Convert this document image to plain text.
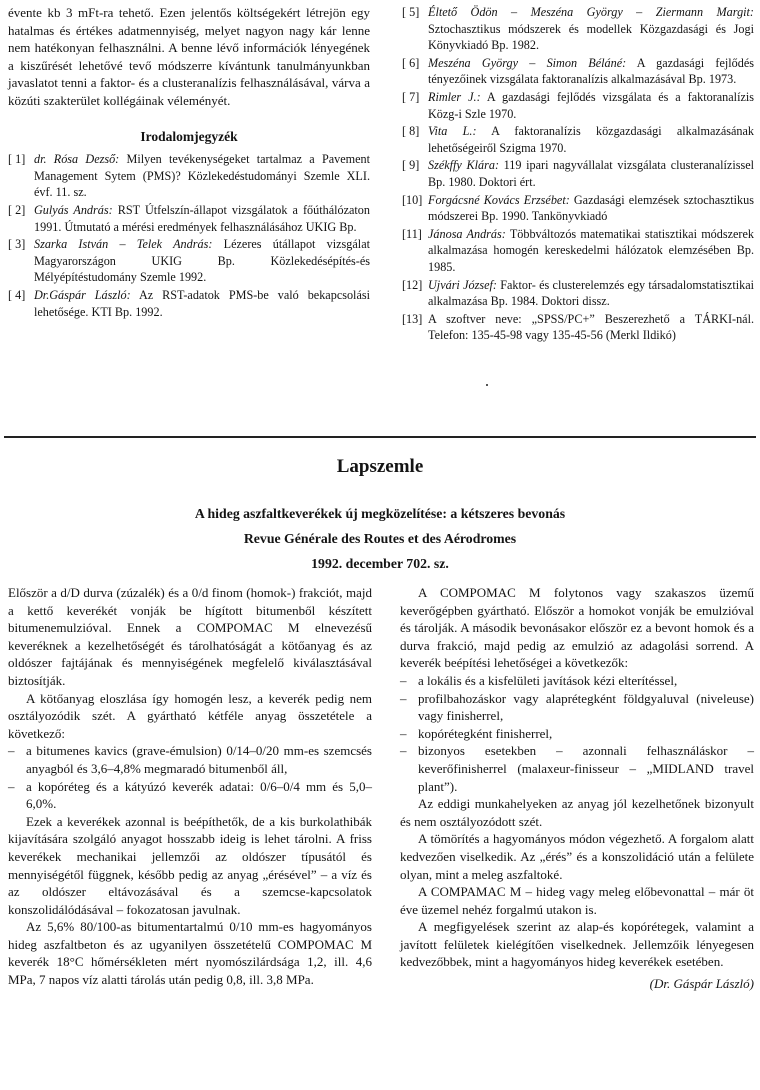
évente kb 3 mFt-ra tehető. Ezen jelentős költségekért létrejön egy hatalmas és értékes adatmennyiség, melyet nagyon nagy kár lenne nem hatékonyan felhasználni. A benne lévő információk lényegének a kiszűrését lehetővé tevő módszerre kívántunk tanulmányunkban javaslatot tenni a faktor- és a clusteranalízis felhasználásával, várva a közúti szakterület kollégáinak véleményét.

Irodalomjegyzék
[ 1] dr. Rósa Dezső: Milyen tevékenységeket tartalmaz a Pavement Management Sytem (PMS)? Közlekedéstudományi Szemle XLI. évf. 11. sz.
[ 2] Gulyás András: RST Útfelszín-állapot vizsgálatok a főúthálózaton 1991. Útmutató a mérési eredmények felhasználásához UKIG Bp.
[ 3] Szarka István – Telek András: Lézeres útállapot vizsgálat Magyarországon UKIG Bp. Közlekedésépítés-és Mélyépítéstudomány Szemle 1992.
[ 4] Dr.Gáspár László: Az RST-adatok PMS-be való bekapcsolási lehetősége. KTI Bp. 1992.
[ 5] Éltető Ödön – Meszéna György – Ziermann Margit: Sztochasztikus módszerek és modellek Közgazdasági és Jogi Könyvkiadó Bp. 1982.
[ 6] Meszéna György – Simon Béláné: A gazdasági fejlődés tényezőinek vizsgálata faktoranalízis alkalmazásával Bp. 1973.
[ 7] Rimler J.: A gazdasági fejlődés vizsgálata és a faktoranalízis Közg-i Szle 1970.
[ 8] Vita L.: A faktoranalízis közgazdasági alkalmazásának lehetőségeiről Szigma 1970.
[ 9] Székffy Klára: 119 ipari nagyvállalat vizsgálata clusteranalízissel Bp. 1980. Doktori ért.
[10] Forgácsné Kovács Erzsébet: Gazdasági elemzések sztochasztikus módszerei Bp. 1990. Tankönyvkiadó
[11] Jánosa András: Többváltozós matematikai statisztikai módszerek alkalmazása homogén kereskedelmi hálózatok elemzésében Bp. 1985.
[12] Ujvári József: Faktor- és clusterelemzés egy társadalomstatisztikai alkalmazása Bp. 1984. Doktori dissz.
[13] A szoftver neve: „SPSS/PC+” Beszerezhető a TÁRKI-nál. Telefon: 135-45-98 vagy 135-45-56 (Merkl Ildikó)
Lapszemle
A hideg aszfaltkeverékek új megközelítése: a kétszeres bevonás
Revue Générale des Routes et des Aérodromes
1992. december 702. sz.

Először a d/D durva (zúzalék) és a 0/d finom (homok-) frakciót, majd a kettő keverékét vonják be hígított bitumenből készített bitumenemulzióval. Ennek a COMPOMAC M elnevezésű keveréknek a kezelhetőségét és tárolhatóságát a kötőanyag és az oldószer fajtájának és mennyiségének megfelelő kiválasztásával biztosítják.

A kötőanyag eloszlása így homogén lesz, a keverék pedig nem osztályozódik szét. A gyártható kétféle anyag összetétele a következő:

– a bitumenes kavics (grave-émulsion) 0/14–0/20 mm-es szemcsés anyagból és 3,6–4,8% megmaradó bitumenből áll,
– a kopóréteg és a kátyúzó keverék adatai: 0/6–0/4 mm és 5,0–6,0%.

Ezek a keverékek azonnal is beépíthetők, de a kis burkolathibák kijavítására szolgáló anyagot hosszabb ideig is lehet tárolni. A friss keverékek mechanikai jellemzői az oldószer típusától és mennyiségétől függnek, később pedig az anyag „érésével” – a víz és az oldószer eltávozásával és a szemcse-kapcsolatok konszolidálódásával – fokozatosan javulnak.

Az 5,6% 80/100-as bitumentartalmú 0/10 mm-es hagyományos hideg aszfaltbeton és az ugyanilyen összetételű COMPOMAC M keverék 18°C hőmérsékleten mért nyomószilárdsága 1,2, ill. 4,6 MPa, 7 napos víz alatti tárolás után pedig 0,8, ill. 3,8 MPa.

A COMPOMAC M folytonos vagy szakaszos üzemű keverőgépben gyártható. Először a homokot vonják be emulzióval és tárolják. A második bevonásakor először ez a bevont homok és a durva frakció, majd pedig az emulzió az adagolási sorrend. A keverék beépítési lehetőségei a következők:

– a lokális és a kisfelületi javítások kézi elterítéssel,
– profilbahozáskor vagy alaprétegként földgyaluval (niveleuse) vagy finisherrel,
– kopórétegként finisherrel,
– bizonyos esetekben – azonnali felhasználáskor – keverőfinisherrel (malaxeur-finisseur – „MIDLAND travel plant”).

Az eddigi munkahelyeken az anyag jól kezelhetőnek bizonyult és nem osztályozódott szét.

A tömörítés a hagyományos módon végezhető. A forgalom alatt kedvezően viselkedik. Az „érés” és a konszolidáció után a felülete olyan, mint a meleg aszfaltoké.

A COMPAMAC M – hideg vagy meleg előbevonattal – már öt éve üzemel nehéz forgalmú utakon is.

A megfigyelések szerint az alap-és kopórétegek, valamint a javított felületek kielégítően viselkednek. Jellemzőik lényegesen kedvezőbbek, mint a hagyományos hideg keverékek esetében.

(Dr. Gáspár László)
